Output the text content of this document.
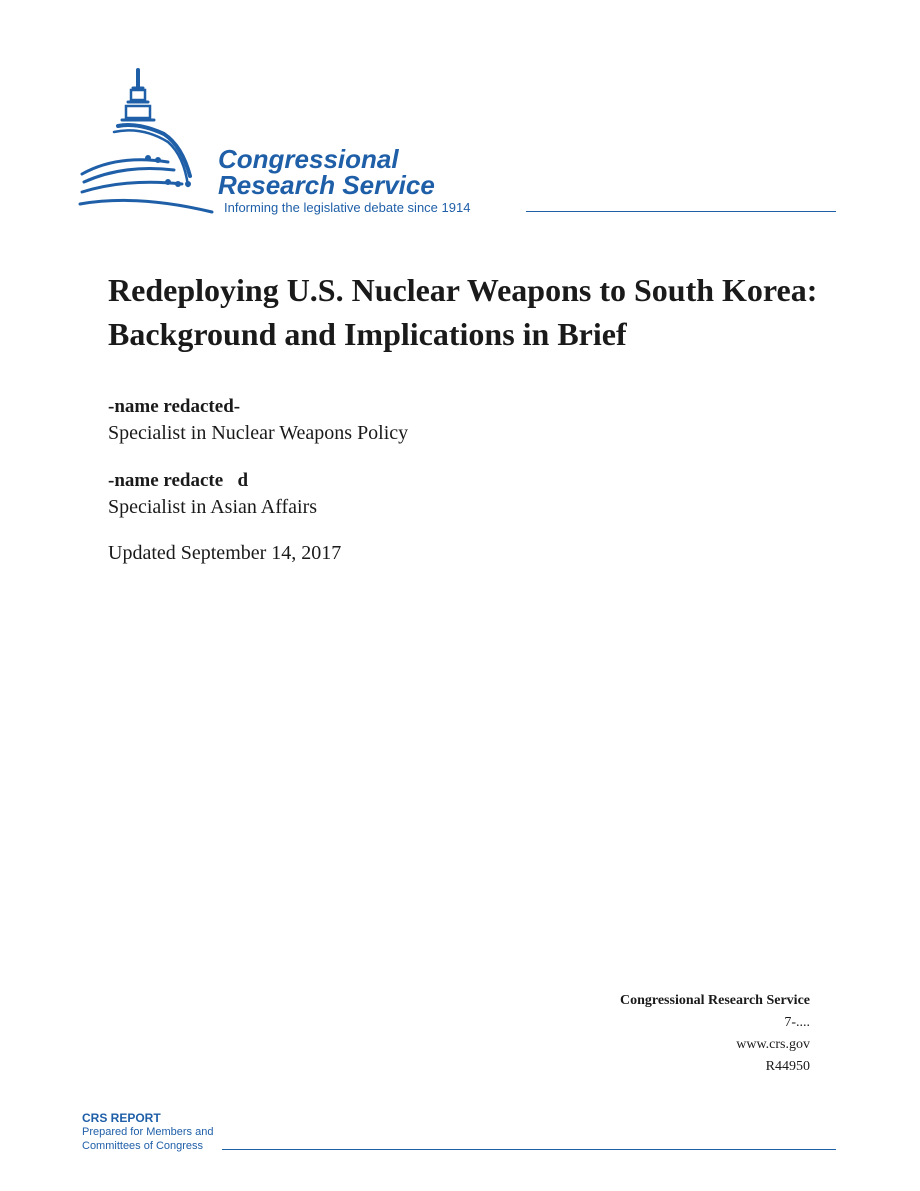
Congressional
Research Service
Informing the legislative debate since 1914
Redeploying U.S. Nuclear Weapons to South Korea: Background and Implications in Brief

-name redacted-

Specialist in Nuclear Weapons Policy

-name redacte   d

Specialist in Asian Affairs

Updated September 14, 2017

Congressional Research Service
7-....
www.crs.gov
R44950
CRS REPORT
Prepared for Members and
Committees of Congress
